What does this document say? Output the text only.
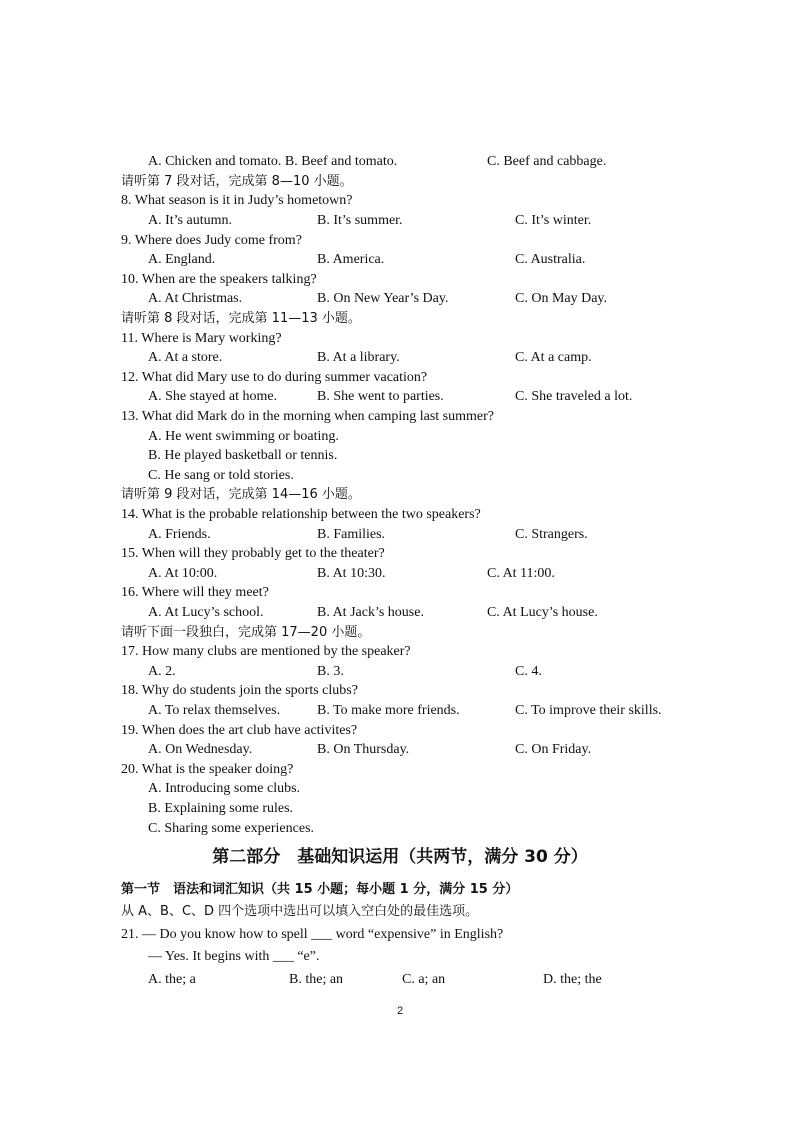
A. Chicken and tomato. B. Beef and tomato.	C. Beef and cabbage.
请听第 7 段对话，完成第 8—10 小题。
8. What season is it in Judy’s hometown?
A. It’s autumn.	B. It’s summer.	C. It’s winter.
9. Where does Judy come from?
A. England.	B. America.	C. Australia.
10. When are the speakers talking?
A. At Christmas.	B. On New Year’s Day.	C. On May Day.
请听第 8 段对话，完成第 11—13 小题。
11. Where is Mary working?
A. At a store.	B. At a library.	C. At a camp.
12. What did Mary use to do during summer vacation?
A. She stayed at home.	B. She went to parties.	C. She traveled a lot.
13. What did Mark do in the morning when camping last summer?
A. He went swimming or boating.
B. He played basketball or tennis.
C. He sang or told stories.
请听第 9 段对话，完成第 14—16 小题。
14. What is the probable relationship between the two speakers?
A. Friends.	B. Families.	C. Strangers.
15. When will they probably get to the theater?
A. At 10:00.	B. At 10:30.	C. At 11:00.
16. Where will they meet?
A. At Lucy’s school.	B. At Jack’s house.	C. At Lucy’s house.
请听下面一段独白，完成第 17—20 小题。
17. How many clubs are mentioned by the speaker?
A. 2.	B. 3.	C. 4.
18. Why do students join the sports clubs?
A. To relax themselves.	B. To make more friends.	C. To improve their skills.
19. When does the art club have activites?
A. On Wednesday.	B. On Thursday.	C. On Friday.
20. What is the speaker doing?
A. Introducing some clubs.
B. Explaining some rules.
C. Sharing some experiences.
第二部分　基础知识运用（共两节，满分 30 分）
第一节　语法和词汇知识（共 15 小题；每小题 1 分，满分 15 分）
从 A、B、C、D 四个选项中选出可以填入空白处的最佳选项。
21. — Do you know how to spell ___ word “expensive” in English?
— Yes. It begins with ___ “e”.
A. the; a	B. the; an	C. a; an	D. the; the
2
